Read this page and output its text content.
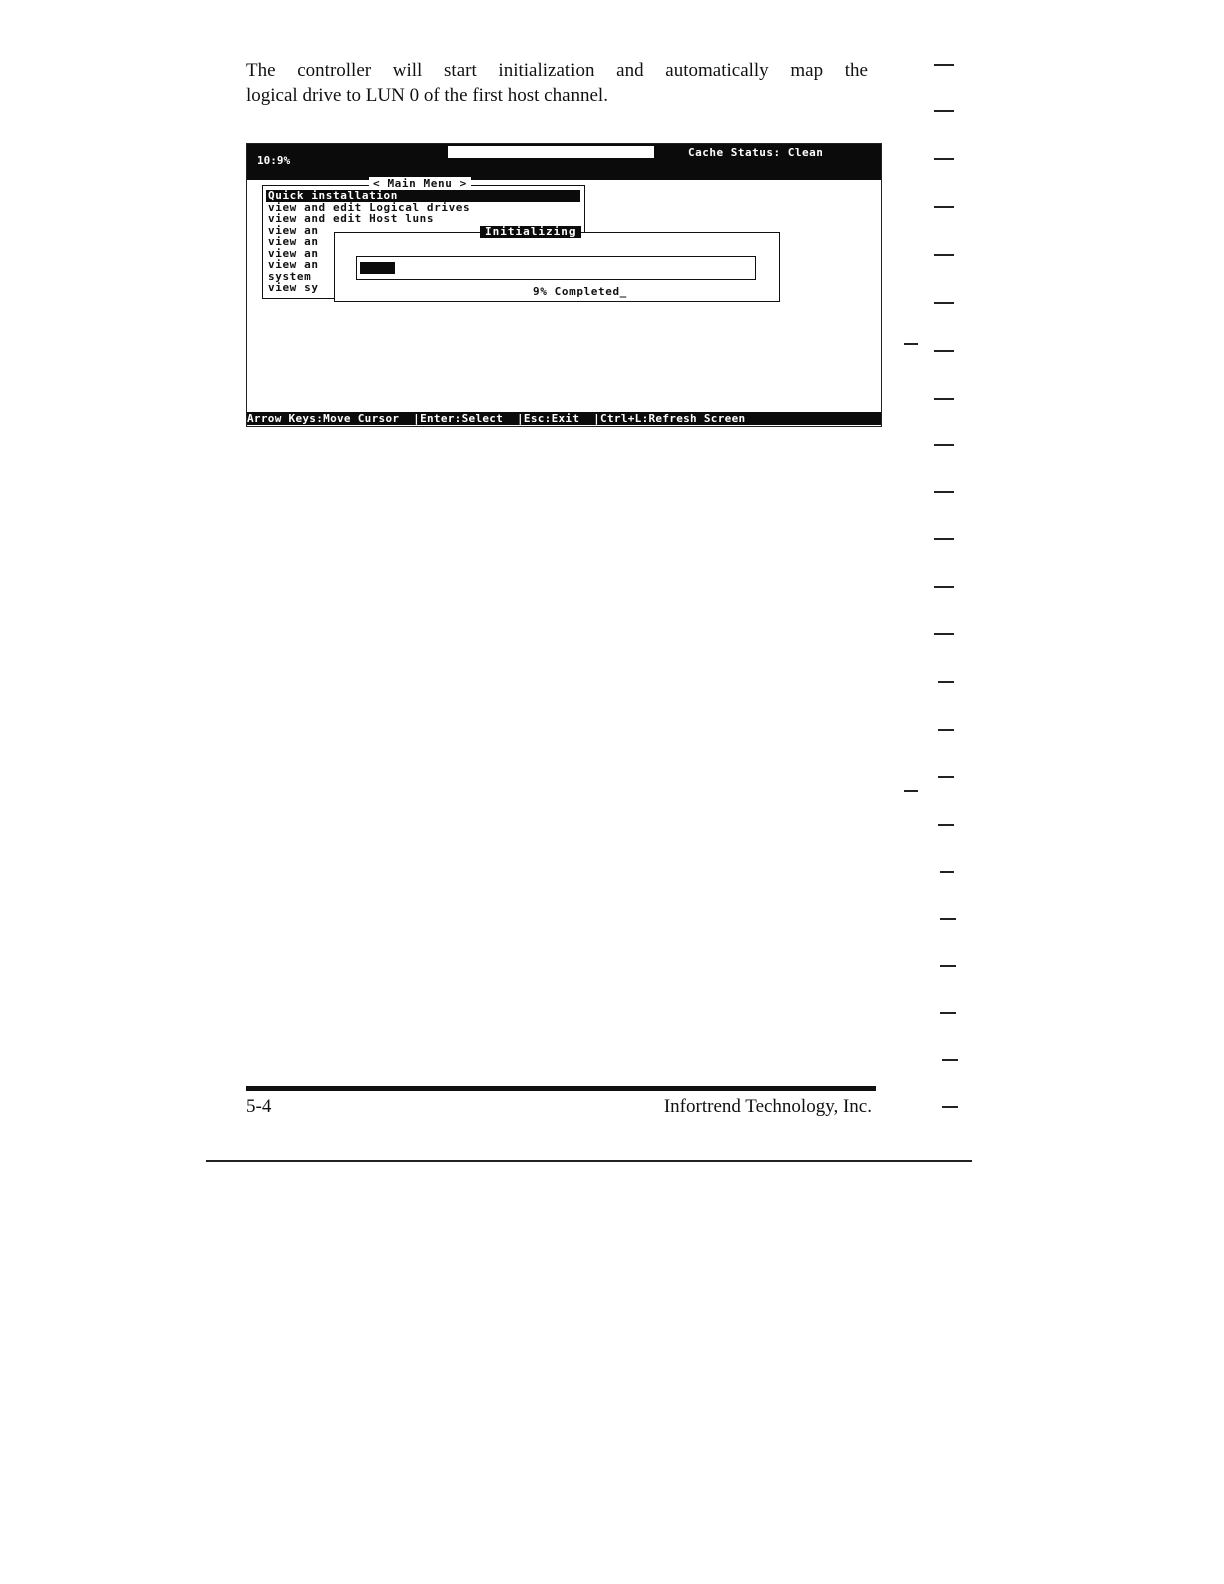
The controller will start initialization and automatically map the
logical drive to LUN 0 of the first host channel.

Cache Status: Clean
10:9%
< Main Menu >
Quick installation
view and edit Logical drives
view and edit Host luns
view an
view an
view an
view an
system
view sy
Initializing
9% Completed_
Arrow Keys:Move Cursor  |Enter:Select  |Esc:Exit  |Ctrl+L:Refresh Screen
5-4	Infortrend Technology, Inc.
